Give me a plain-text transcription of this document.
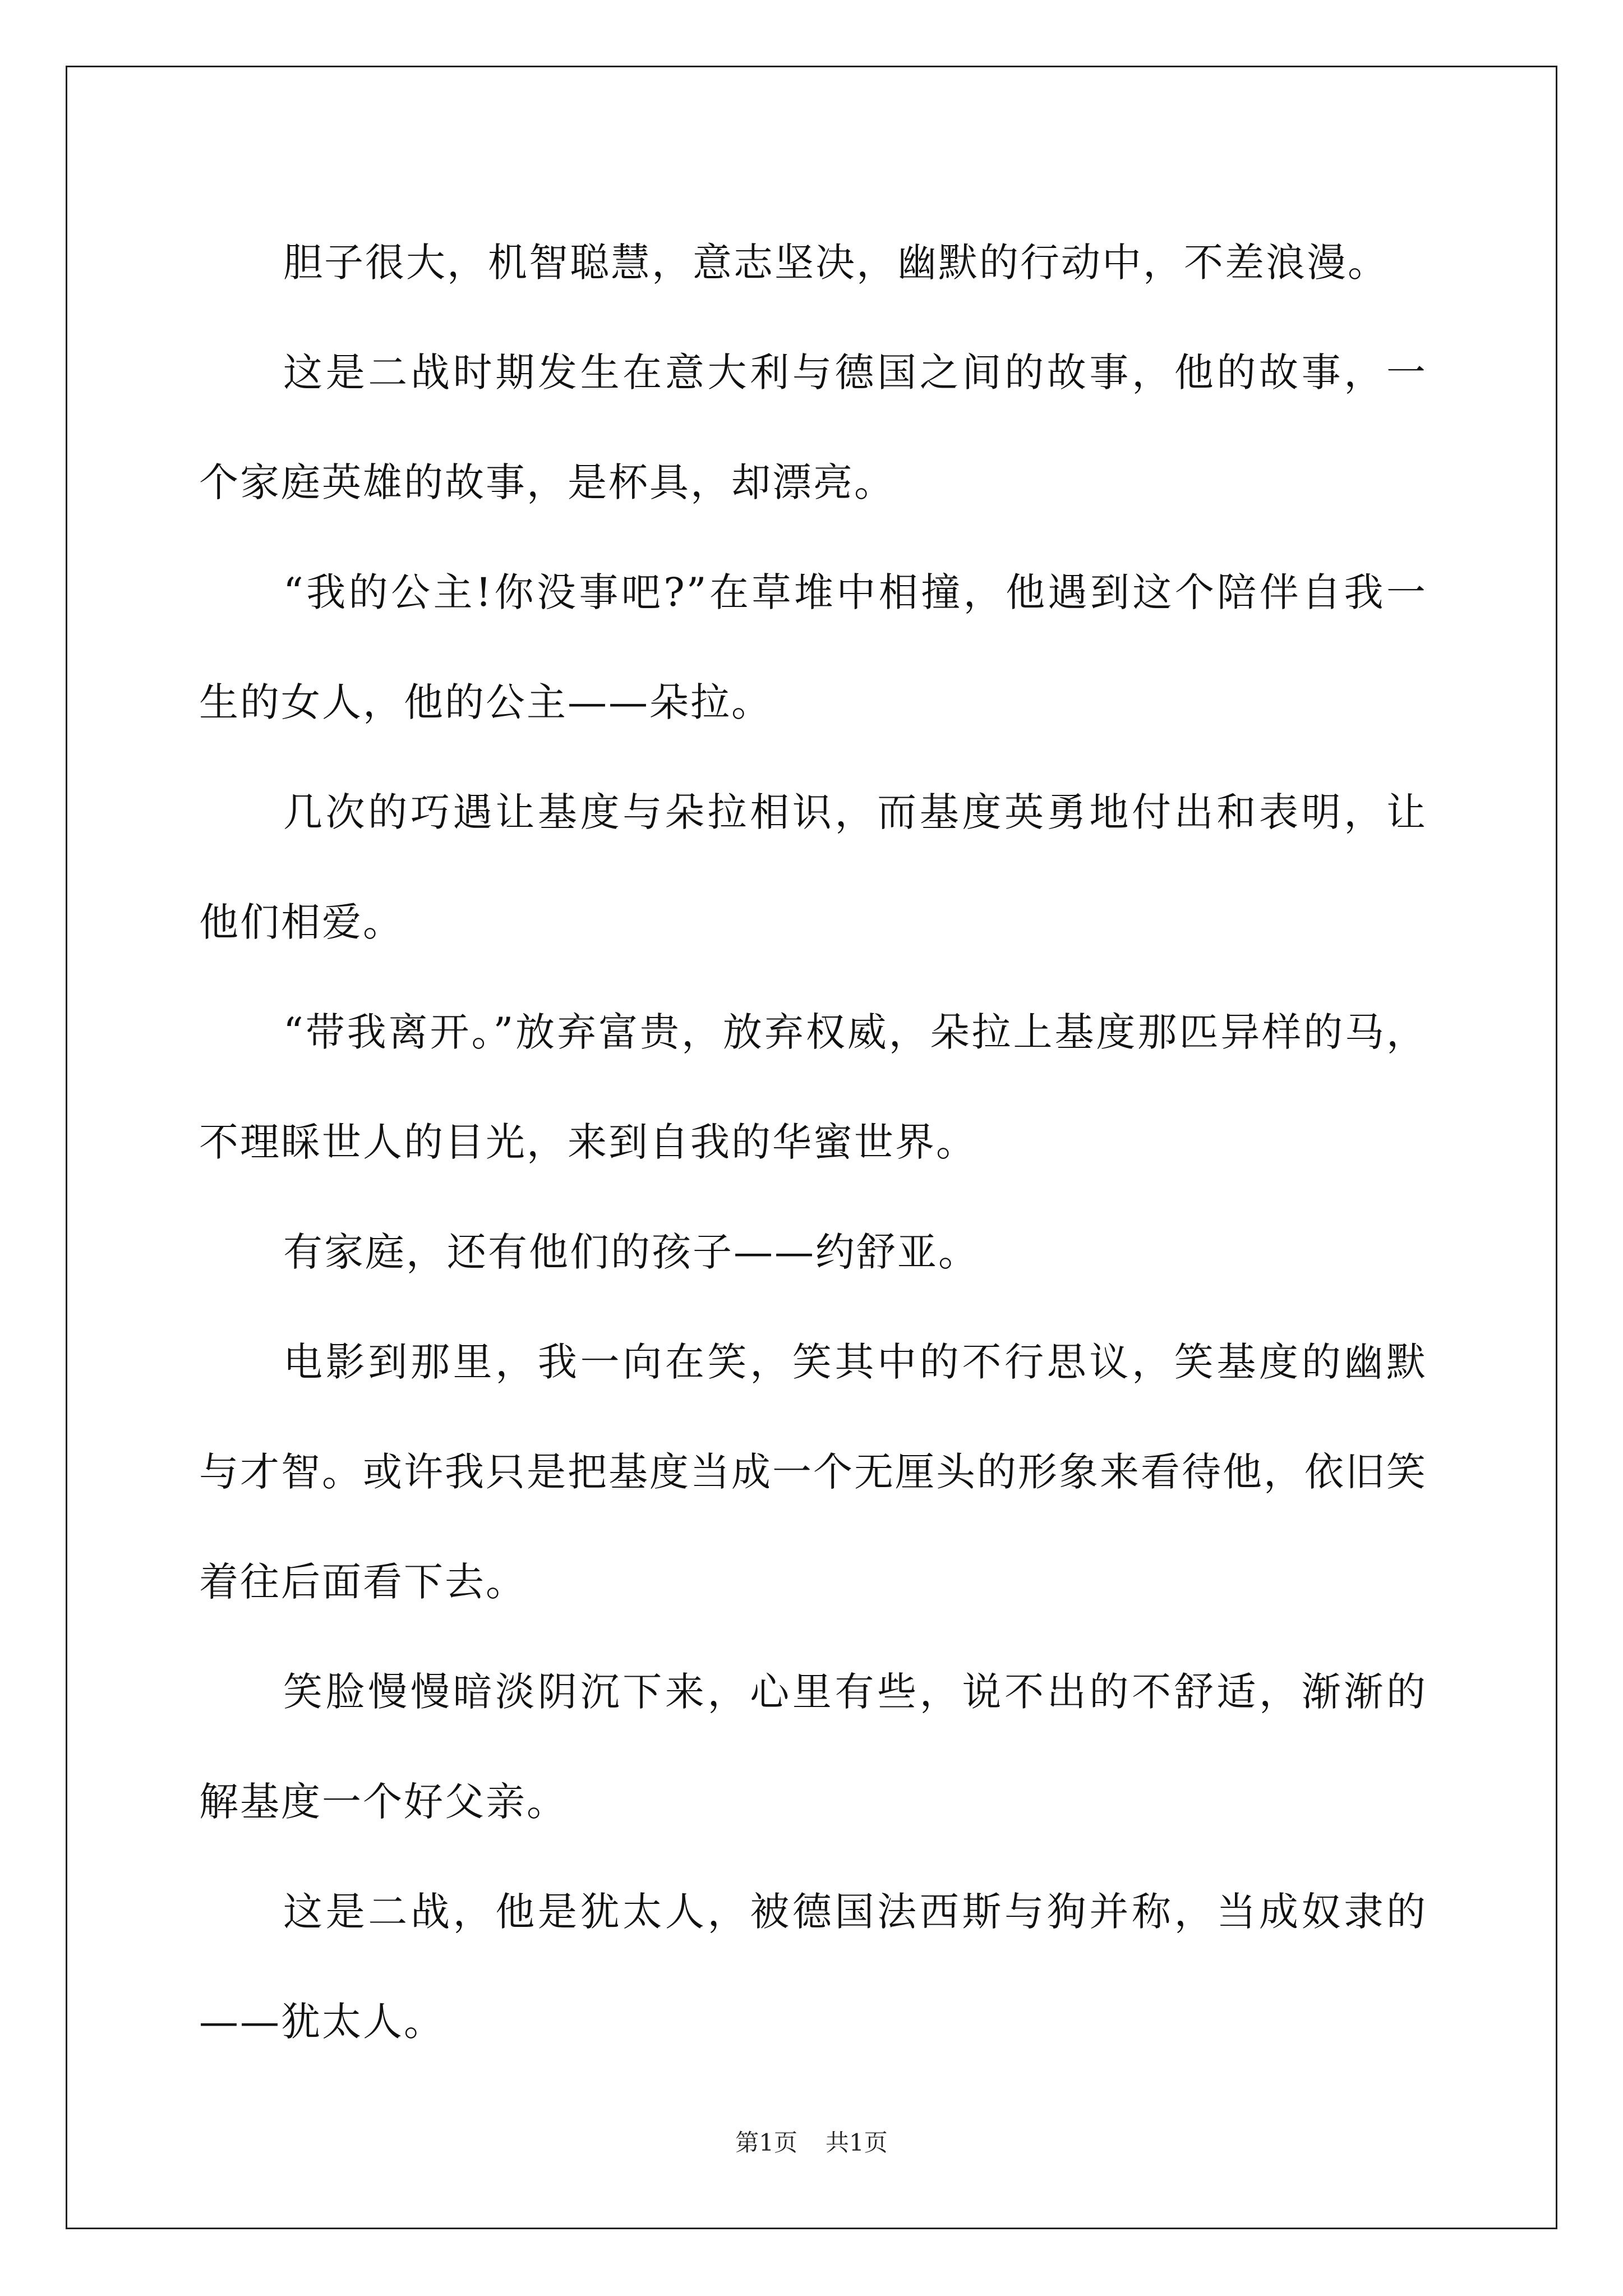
胆子很大，机智聪慧，意志坚决，幽默的行动中，不差浪漫。

这是二战时期发生在意大利与德国之间的故事，他的故事，一个家庭英雄的故事，是杯具，却漂亮。

“我的公主!你没事吧?”在草堆中相撞，他遇到这个陪伴自我一生的女人，他的公主——朵拉。

几次的巧遇让基度与朵拉相识，而基度英勇地付出和表明，让他们相爱。

“带我离开。”放弃富贵，放弃权威，朵拉上基度那匹异样的马，不理睬世人的目光，来到自我的华蜜世界。

有家庭，还有他们的孩子——约舒亚。

电影到那里，我一向在笑，笑其中的不行思议，笑基度的幽默与才智。或许我只是把基度当成一个无厘头的形象来看待他，依旧笑着往后面看下去。

笑脸慢慢暗淡阴沉下来，心里有些，说不出的不舒适，渐渐的解基度一个好父亲。

这是二战，他是犹太人，被德国法西斯与狗并称，当成奴隶的——犹太人。

第1页 共1页
